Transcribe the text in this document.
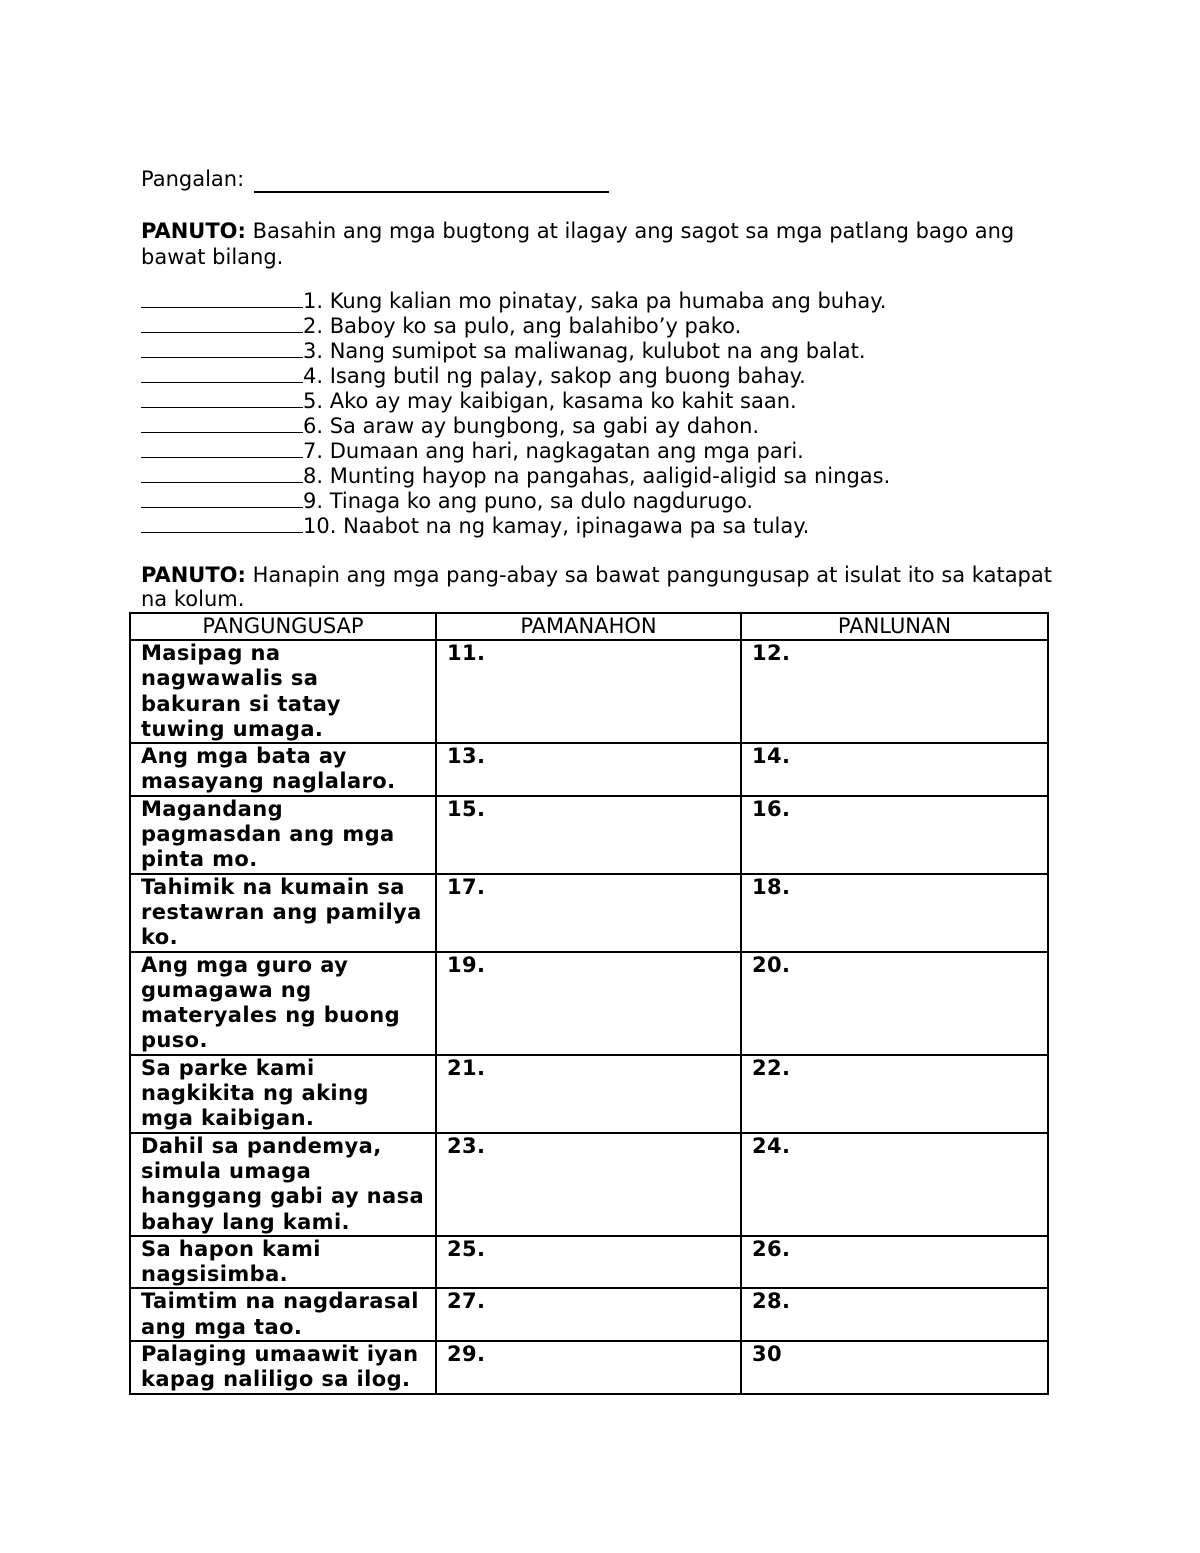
Pangalan:
PANUTO: Basahin ang mga bugtong at ilagay ang sagot sa mga patlang bago ang bawat bilang.
1. Kung kalian mo pinatay, saka pa humaba ang buhay.
2. Baboy ko sa pulo, ang balahibo’y pako.
3. Nang sumipot sa maliwanag, kulubot na ang balat.
4. Isang butil ng palay, sakop ang buong bahay.
5. Ako ay may kaibigan, kasama ko kahit saan.
6. Sa araw ay bungbong, sa gabi ay dahon.
7. Dumaan ang hari, nagkagatan ang mga pari.
8. Munting hayop na pangahas, aaligid-aligid sa ningas.
9. Tinaga ko ang puno, sa dulo nagdurugo.
10. Naabot na ng kamay, ipinagawa pa sa tulay.
PANUTO: Hanapin ang mga pang-abay sa bawat pangungusap at isulat ito sa katapat na kolum.
PANGUNGUSAP	PAMANAHON	PANLUNAN
Masipag na nagwawalis sa bakuran si tatay tuwing umaga.	11.	12.
Ang mga bata ay masayang naglalaro.	13.	14.
Magandang pagmasdan ang mga pinta mo.	15.	16.
Tahimik na kumain sa restawran ang pamilya ko.	17.	18.
Ang mga guro ay gumagawa ng materyales ng buong puso.	19.	20.
Sa parke kami nagkikita ng aking mga kaibigan.	21.	22.
Dahil sa pandemya, simula umaga hanggang gabi ay nasa bahay lang kami.	23.	24.
Sa hapon kami nagsisimba.	25.	26.
Taimtim na nagdarasal ang mga tao.	27.	28.
Palaging umaawit iyan kapag naliligo sa ilog.	29.	30
